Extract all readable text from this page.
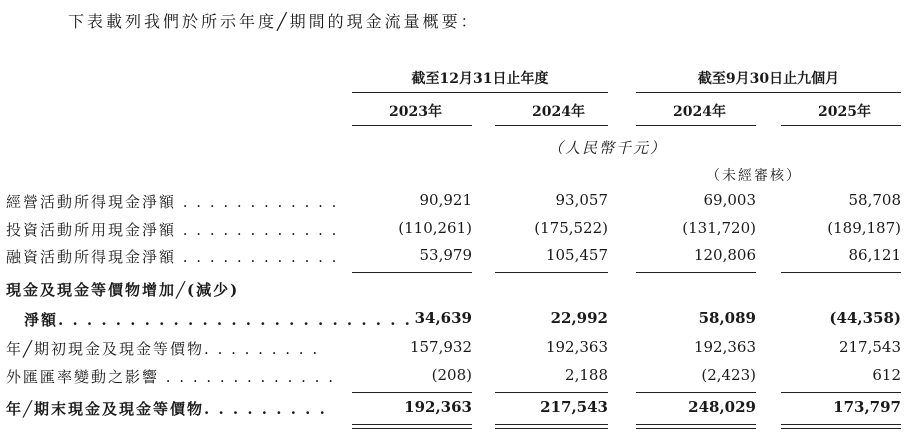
下表載列我們於所示年度╱期間的現金流量概要：
截至12月31日止年度	截至9月30日止九個月
2023年	2024年	2024年	2025年
（人民幣千元）
（未經審核）
經營活動所得現金淨額 . . . . . . . . . . . .	90,921	93,057	69,003	58,708
投資活動所用現金淨額 . . . . . . . . . . . .	(110,261)	(175,522)	(131,720)	(189,187)
融資活動所得現金淨額 . . . . . . . . . . . .	53,979	105,457	120,806	86,121
現金及現金等價物增加╱(減少)
淨額. . . . . . . . . . . . . . . . . . . . . . . . . 34,639	22,992	58,089	(44,358)
年╱期初現金及現金等價物. . . . . . . . .	157,932	192,363	192,363	217,543
外匯匯率變動之影響 . . . . . . . . . . . . .	(208)	2,188	(2,423)	612
年╱期末現金及現金等價物. . . . . . . . .	192,363	217,543	248,029	173,797
